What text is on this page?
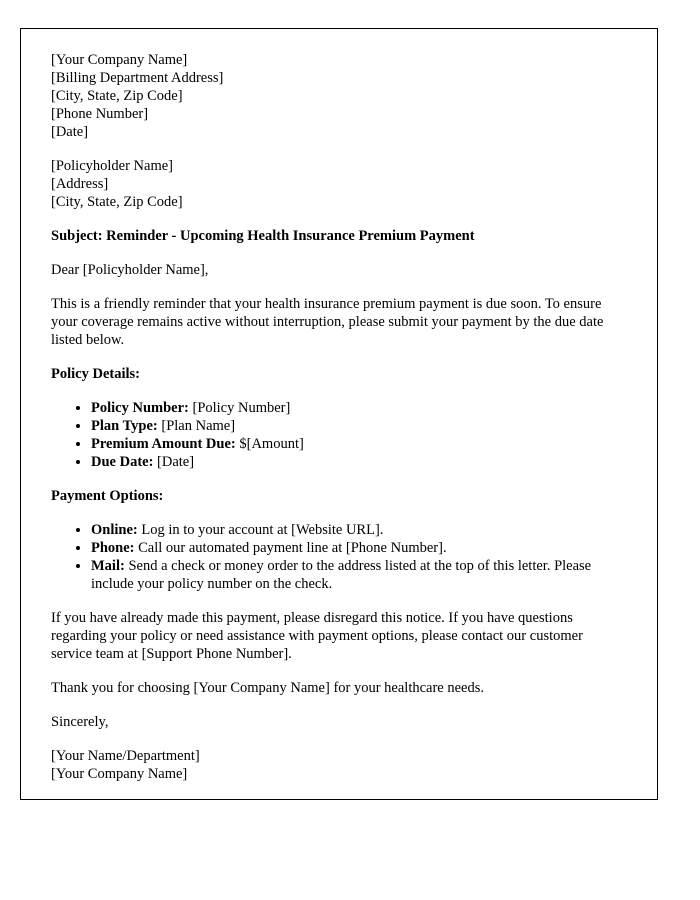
[Your Company Name]
[Billing Department Address]
[City, State, Zip Code]
[Phone Number]
[Date]
[Policyholder Name]
[Address]
[City, State, Zip Code]
Subject: Reminder - Upcoming Health Insurance Premium Payment
Dear [Policyholder Name],
This is a friendly reminder that your health insurance premium payment is due soon. To ensure your coverage remains active without interruption, please submit your payment by the due date listed below.
Policy Details:
• Policy Number: [Policy Number]
• Plan Type: [Plan Name]
• Premium Amount Due: $[Amount]
• Due Date: [Date]
Payment Options:
• Online: Log in to your account at [Website URL].
• Phone: Call our automated payment line at [Phone Number].
• Mail: Send a check or money order to the address listed at the top of this letter. Please include your policy number on the check.
If you have already made this payment, please disregard this notice. If you have questions regarding your policy or need assistance with payment options, please contact our customer service team at [Support Phone Number].
Thank you for choosing [Your Company Name] for your healthcare needs.
Sincerely,
[Your Name/Department]
[Your Company Name]
